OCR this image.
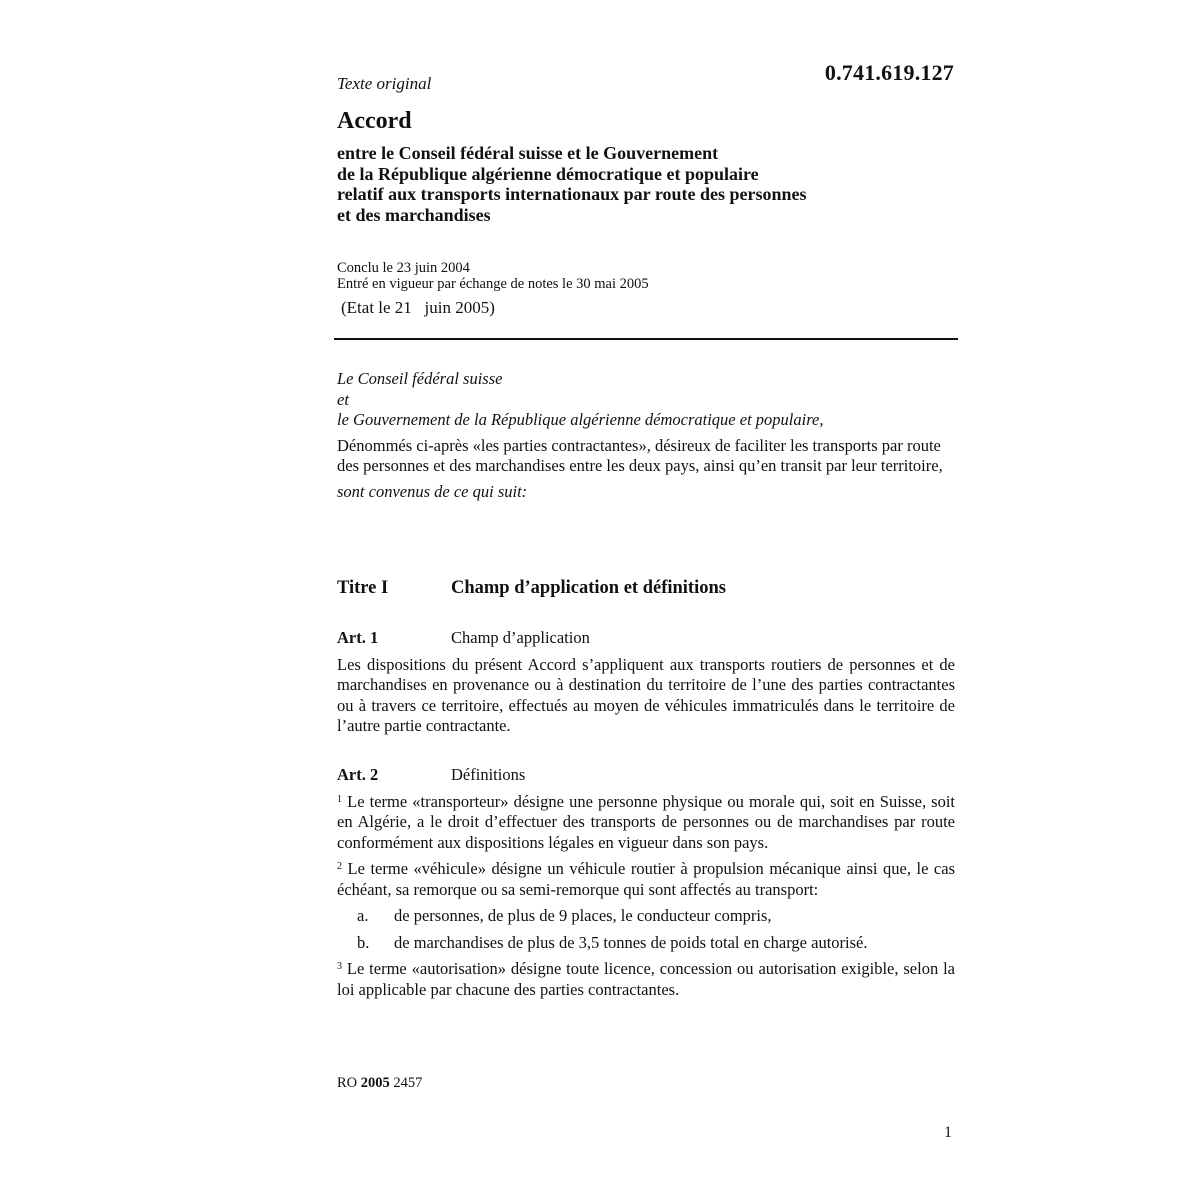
0.741.619.127
Texte original
Accord
entre le Conseil fédéral suisse et le Gouvernement
de la République algérienne démocratique et populaire
relatif aux transports internationaux par route des personnes
et des marchandises
Conclu le 23 juin 2004
Entré en vigueur par échange de notes le 30 mai 2005
(Etat le 21   juin 2005)
Le Conseil fédéral suisse
et
le Gouvernement de la République algérienne démocratique et populaire,
Dénommés ci-après «les parties contractantes», désireux de faciliter les transports par route des personnes et des marchandises entre les deux pays, ainsi qu’en transit par leur territoire,
sont convenus de ce qui suit:
Titre I	Champ d’application et définitions
Art. 1	Champ d’application
Les dispositions du présent Accord s’appliquent aux transports routiers de personnes et de marchandises en provenance ou à destination du territoire de l’une des parties contractantes ou à travers ce territoire, effectués au moyen de véhicules immatriculés dans le territoire de l’autre partie contractante.
Art. 2	Définitions
$^1$ Le terme «transporteur» désigne une personne physique ou morale qui, soit en Suisse, soit en Algérie, a le droit d’effectuer des transports de personnes ou de marchandises par route conformément aux dispositions légales en vigueur dans son pays.
$^2$ Le terme «véhicule» désigne un véhicule routier à propulsion mécanique ainsi que, le cas échéant, sa remorque ou sa semi-remorque qui sont affectés au transport:
a.	de personnes, de plus de 9 places, le conducteur compris,
b.	de marchandises de plus de 3,5 tonnes de poids total en charge autorisé.
$^3$ Le terme «autorisation» désigne toute licence, concession ou autorisation exigible, selon la loi applicable par chacune des parties contractantes.
RO 2005 2457
1
